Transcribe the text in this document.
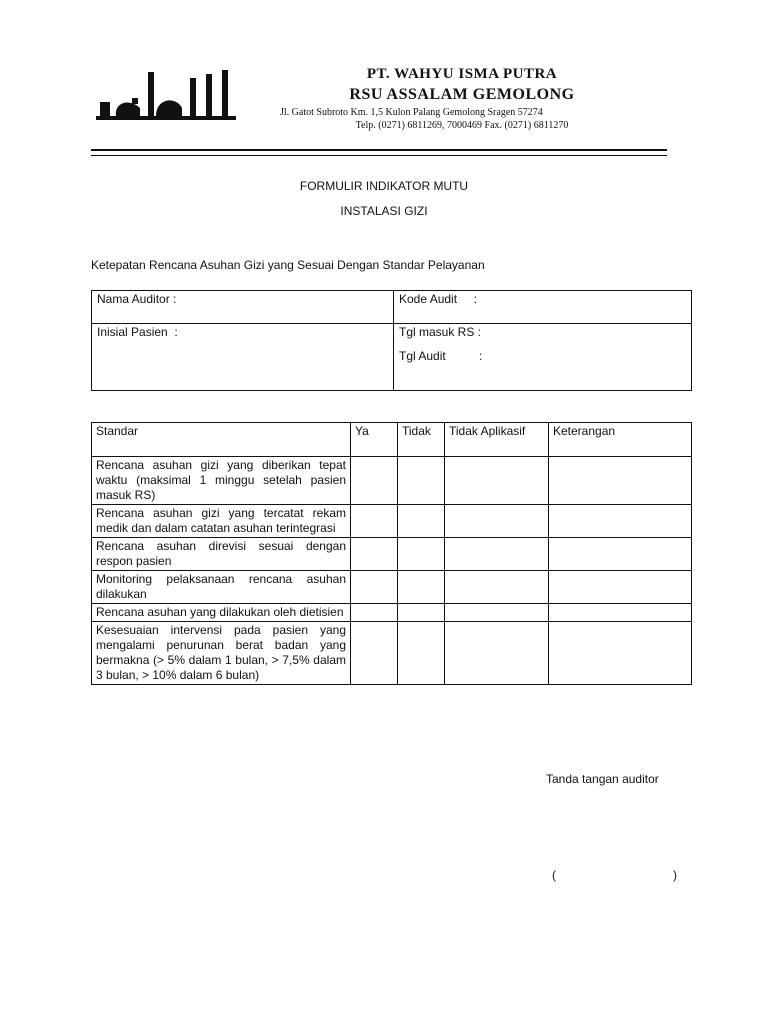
PT. WAHYU ISMA PUTRA
RSU ASSALAM GEMOLONG
Jl. Gatot Subroto Km. 1,5 Kulon Palang Gemolong Sragen 57274
Telp. (0271) 6811269, 7000469 Fax. (0271) 6811270
FORMULIR INDIKATOR MUTU
INSTALASI GIZI
Ketepatan Rencana Asuhan Gizi yang Sesuai Dengan Standar Pelayanan
Nama Auditor :	Kode Audit     :
Inisial Pasien  :	Tgl masuk RS :
Tgl Audit          :
Standar	Ya	Tidak	Tidak Aplikasif	Keterangan
Rencana asuhan gizi yang diberikan tepat waktu (maksimal 1 minggu setelah pasien masuk RS)				
Rencana asuhan gizi yang tercatat rekam medik dan dalam catatan asuhan terintegrasi				
Rencana asuhan direvisi sesuai dengan respon pasien				
Monitoring pelaksanaan rencana asuhan dilakukan				
Rencana asuhan yang dilakukan oleh dietisien				
Kesesuaian intervensi pada pasien yang mengalami penurunan berat badan yang bermakna (> 5% dalam 1 bulan, > 7,5% dalam 3 bulan, > 10% dalam 6 bulan)				
Tanda tangan auditor
(	)
